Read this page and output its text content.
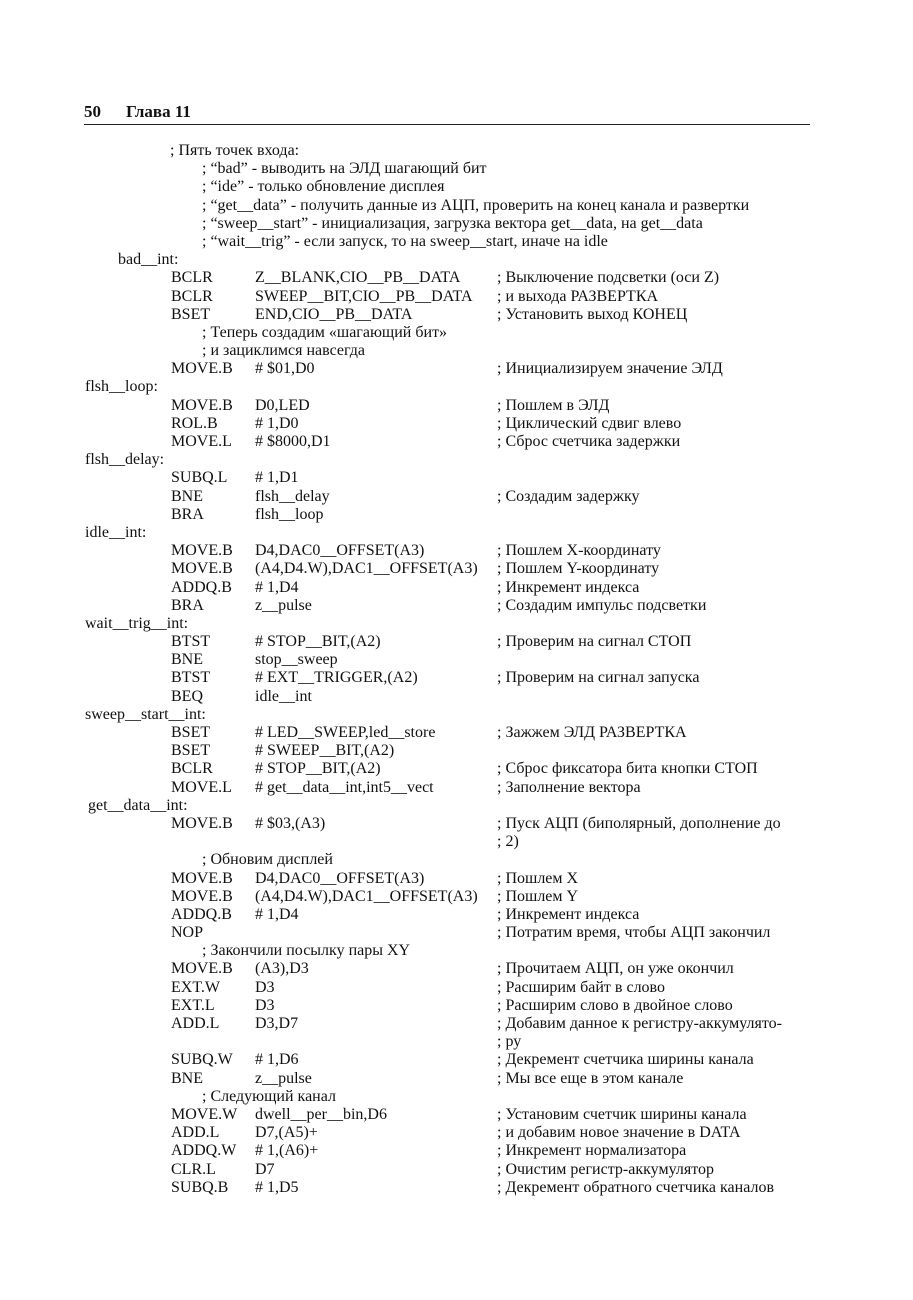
50 Глава 11
; Пять точек входа:
; “bad” - выводить на ЭЛД шагающий бит
; “ide” - только обновление дисплея
; “get__data” - получить данные из АЦП, проверить на конец канала и развертки
; “sweep__start” - инициализация, загрузка вектора get__data, на get__data
; “wait__trig” - если запуск, то на sweep__start, иначе на idle
bad__int:
BCLR	Z__BLANK,CIO__PB__DATA ; Выключение подсветки (оси Z)
BCLR	SWEEP__BIT,CIO__PB__DATA ; и выхода РАЗВЕРТКА
BSET	END,CIO__PB__DATA	; Установить выход КОНЕЦ
; Теперь создадим «шагающий бит»
; и зациклимся навсегда
MOVE.B # $01,D0	; Инициализируем значение ЭЛД
flsh__loop:
MOVE.B D0,LED	; Пошлем в ЭЛД
ROL.B # 1,D0	; Циклический сдвиг влево
MOVE.L # $8000,D1	; Сброс счетчика задержки
flsh__delay:
SUBQ.L # 1,D1
BNE	flsh__delay	; Создадим задержку
BRA	flsh__loop
idle__int:
MOVE.B D4,DAC0__OFFSET(A3)	; Пошлем X-координату
MOVE.B (A4,D4.W),DAC1__OFFSET(A3) ; Пошлем Y-координату
ADDQ.B # 1,D4	; Инкремент индекса
BRA	z__pulse	; Создадим импульс подсветки
wait__trig__int:
BTST	# STOP__BIT,(A2)	; Проверим на сигнал СТОП
BNE	stop__sweep
BTST	# EXT__TRIGGER,(A2)	; Проверим на сигнал запуска
BEQ	idle__int
sweep__start__int:
BSET	# LED__SWEEP,led__store	; Зажжем ЭЛД РАЗВЕРТКА
BSET	# SWEEP__BIT,(A2)
BCLR	# STOP__BIT,(A2)	; Сброс фиксатора бита кнопки СТОП
MOVE.L # get__data__int,int5__vect	; Заполнение вектора
get__data__int:
MOVE.B # $03,(A3)	; Пуск АЦП (биполярный, дополнение до
; 2)
; Обновим дисплей
MOVE.B D4,DAC0__OFFSET(A3)	; Пошлем X
MOVE.B (A4,D4.W),DAC1__OFFSET(A3) ; Пошлем Y
ADDQ.B # 1,D4	; Инкремент индекса
NOP	; Потратим время, чтобы АЦП закончил
; Закончили посылку пары XY
MOVE.B (A3),D3	; Прочитаем АЦП, он уже окончил
EXT.W D3	; Расширим байт в слово
EXT.L	D3	; Расширим слово в двойное слово
ADD.L D3,D7	; Добавим данное к регистру-аккумулято-
; ру
SUBQ.W # 1,D6	; Декремент счетчика ширины канала
BNE	z__pulse	; Мы все еще в этом канале
; Следующий канал
MOVE.W dwell__per__bin,D6	; Установим счетчик ширины канала
ADD.L D7,(A5)+	; и добавим новое значение в DATA
ADDQ.W # 1,(A6)+	; Инкремент нормализатора
CLR.L D7	; Очистим регистр-аккумулятор
SUBQ.B # 1,D5	; Декремент обратного счетчика каналов
